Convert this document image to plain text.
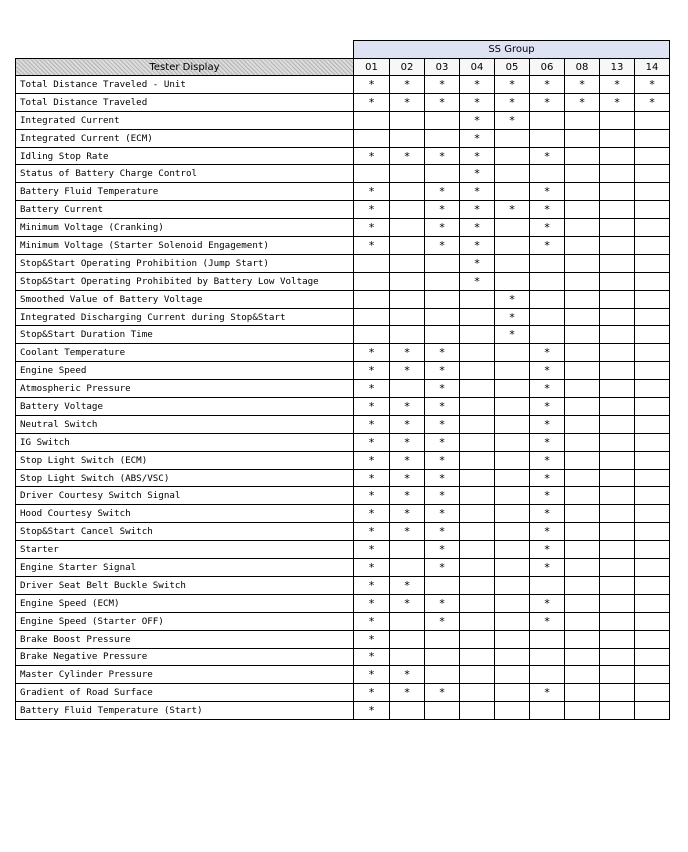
	SS Group								
Tester Display	01	02	03	04	05	06	08	13	14
Total Distance Traveled - Unit	*	*	*	*	*	*	*	*	*
Total Distance Traveled	*	*	*	*	*	*	*	*	*
Integrated Current				*	*				
Integrated Current (ECM)				*					
Idling Stop Rate	*	*	*	*		*			
Status of Battery Charge Control				*					
Battery Fluid Temperature	*		*	*		*			
Battery Current	*		*	*	*	*			
Minimum Voltage (Cranking)	*		*	*		*			
Minimum Voltage (Starter Solenoid Engagement)	*		*	*		*			
Stop&Start Operating Prohibition (Jump Start)				*					
Stop&Start Operating Prohibited by Battery Low Voltage				*					
Smoothed Value of Battery Voltage					*				
Integrated Discharging Current during Stop&Start					*				
Stop&Start Duration Time					*				
Coolant Temperature	*	*	*			*			
Engine Speed	*	*	*			*			
Atmospheric Pressure	*		*			*			
Battery Voltage	*	*	*			*			
Neutral Switch	*	*	*			*			
IG Switch	*	*	*			*			
Stop Light Switch (ECM)	*	*	*			*			
Stop Light Switch (ABS/VSC)	*	*	*			*			
Driver Courtesy Switch Signal	*	*	*			*			
Hood Courtesy Switch	*	*	*			*			
Stop&Start Cancel Switch	*	*	*			*			
Starter	*		*			*			
Engine Starter Signal	*		*			*			
Driver Seat Belt Buckle Switch	*	*							
Engine Speed (ECM)	*	*	*			*			
Engine Speed (Starter OFF)	*		*			*			
Brake Boost Pressure	*								
Brake Negative Pressure	*								
Master Cylinder Pressure	*	*							
Gradient of Road Surface	*	*	*			*			
Battery Fluid Temperature (Start)	*								
